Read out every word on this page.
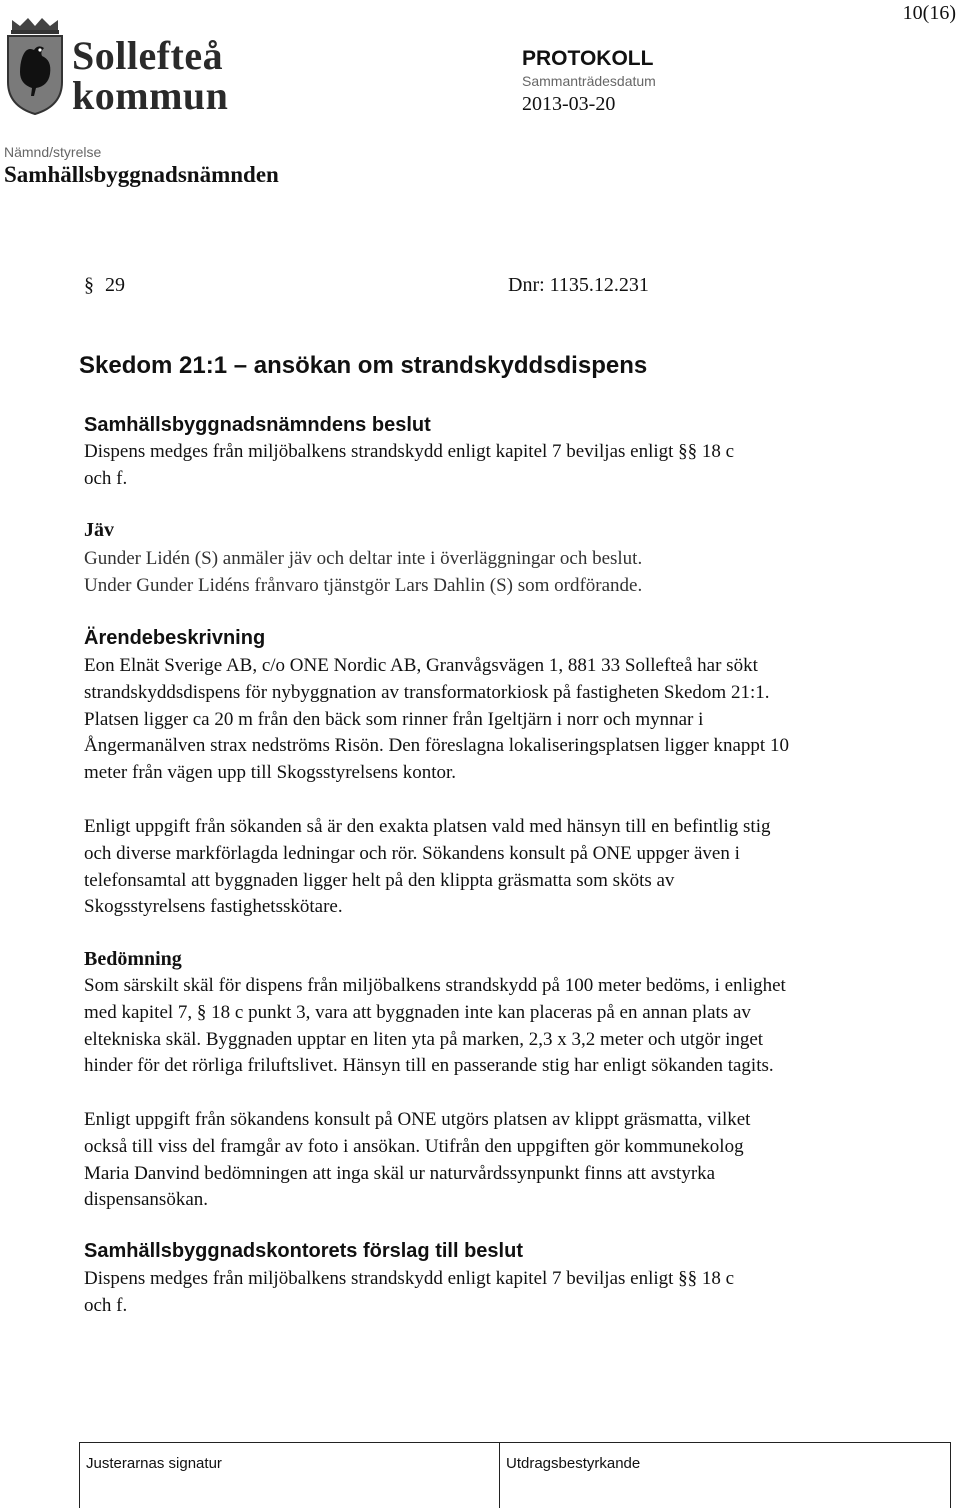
10(16)
Sollefteå
kommun
PROTOKOLL
Sammanträdesdatum
2013-03-20
Nämnd/styrelse
Samhällsbyggnadsnämnden
§ 29	Dnr: 1135.12.231
Skedom 21:1 – ansökan om strandskyddsdispens
Samhällsbyggnadsnämndens beslut
Dispens medges från miljöbalkens strandskydd enligt kapitel 7 beviljas enligt §§ 18 c
och f.
Jäv
Gunder Lidén (S) anmäler jäv och deltar inte i överläggningar och beslut.
Under Gunder Lidéns frånvaro tjänstgör Lars Dahlin (S) som ordförande.
Ärendebeskrivning
Eon Elnät Sverige AB, c/o ONE Nordic AB, Granvågsvägen 1, 881 33 Sollefteå har sökt
strandskyddsdispens för nybyggnation av transformatorkiosk på fastigheten Skedom 21:1.
Platsen ligger ca 20 m från den bäck som rinner från Igeltjärn i norr och mynnar i
Ångermanälven strax nedströms Risön. Den föreslagna lokaliseringsplatsen ligger knappt 10
meter från vägen upp till Skogsstyrelsens kontor.
Enligt uppgift från sökanden så är den exakta platsen vald med hänsyn till en befintlig stig
och diverse markförlagda ledningar och rör. Sökandens konsult på ONE uppger även i
telefonsamtal att byggnaden ligger helt på den klippta gräsmatta som sköts av
Skogsstyrelsens fastighetsskötare.
Bedömning
Som särskilt skäl för dispens från miljöbalkens strandskydd på 100 meter bedöms, i enlighet
med kapitel 7, § 18 c punkt 3, vara att byggnaden inte kan placeras på en annan plats av
eltekniska skäl. Byggnaden upptar en liten yta på marken, 2,3 x 3,2 meter och utgör inget
hinder för det rörliga friluftslivet. Hänsyn till en passerande stig har enligt sökanden tagits.
Enligt uppgift från sökandens konsult på ONE utgörs platsen av klippt gräsmatta, vilket
också till viss del framgår av foto i ansökan. Utifrån den uppgiften gör kommunekolog
Maria Danvind bedömningen att inga skäl ur naturvårdssynpunkt finns att avstyrka
dispensansökan.
Samhällsbyggnadskontorets förslag till beslut
Dispens medges från miljöbalkens strandskydd enligt kapitel 7 beviljas enligt §§ 18 c
och f.
Justerarnas signatur	Utdragsbestyrkande
